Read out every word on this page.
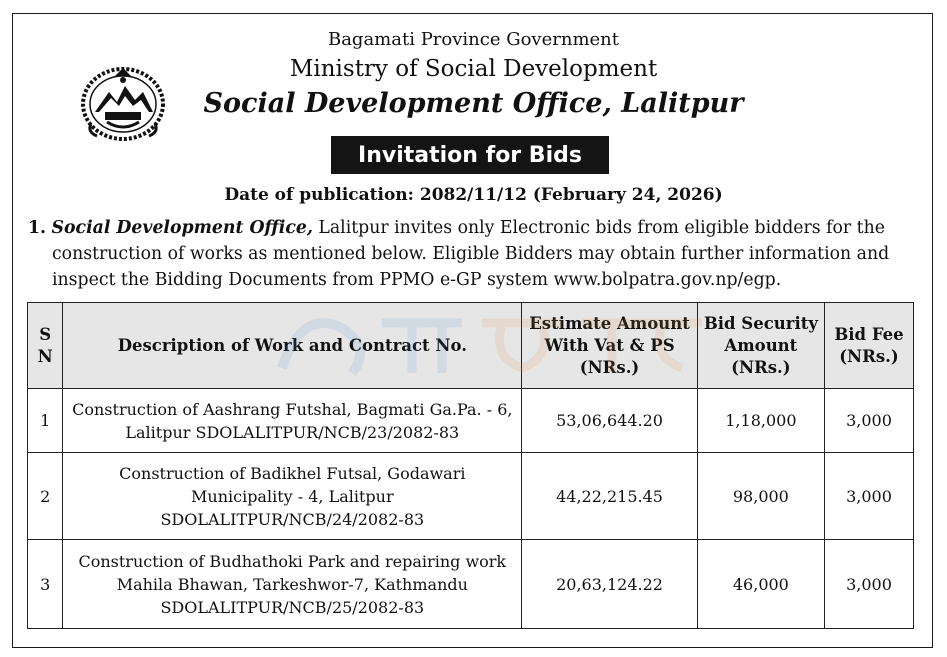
Bagamati Province Government
Ministry of Social Development
Social Development Office, Lalitpur
Invitation for Bids
Date of publication: 2082/11/12 (February 24, 2026)
1. Social Development Office, Lalitpur invites only Electronic bids from eligible bidders for the
construction of works as mentioned below. Eligible Bidders may obtain further information and
inspect the Bidding Documents from PPMO e-GP system www.bolpatra.gov.np/egp.
S
N	Description of Work and Contract No.	Estimate Amount
With Vat & PS
(NRs.)	Bid Security
Amount
(NRs.)	Bid Fee
(NRs.)
1	Construction of Aashrang Futshal, Bagmati Ga.Pa. - 6,
Lalitpur SDOLALITPUR/NCB/23/2082-83	53,06,644.20	1,18,000	3,000
2	Construction of Badikhel Futsal, Godawari
Municipality - 4, Lalitpur
SDOLALITPUR/NCB/24/2082-83	44,22,215.45	98,000	3,000
3	Construction of Budhathoki Park and repairing work
Mahila Bhawan, Tarkeshwor-7, Kathmandu
SDOLALITPUR/NCB/25/2082-83	20,63,124.22	46,000	3,000
